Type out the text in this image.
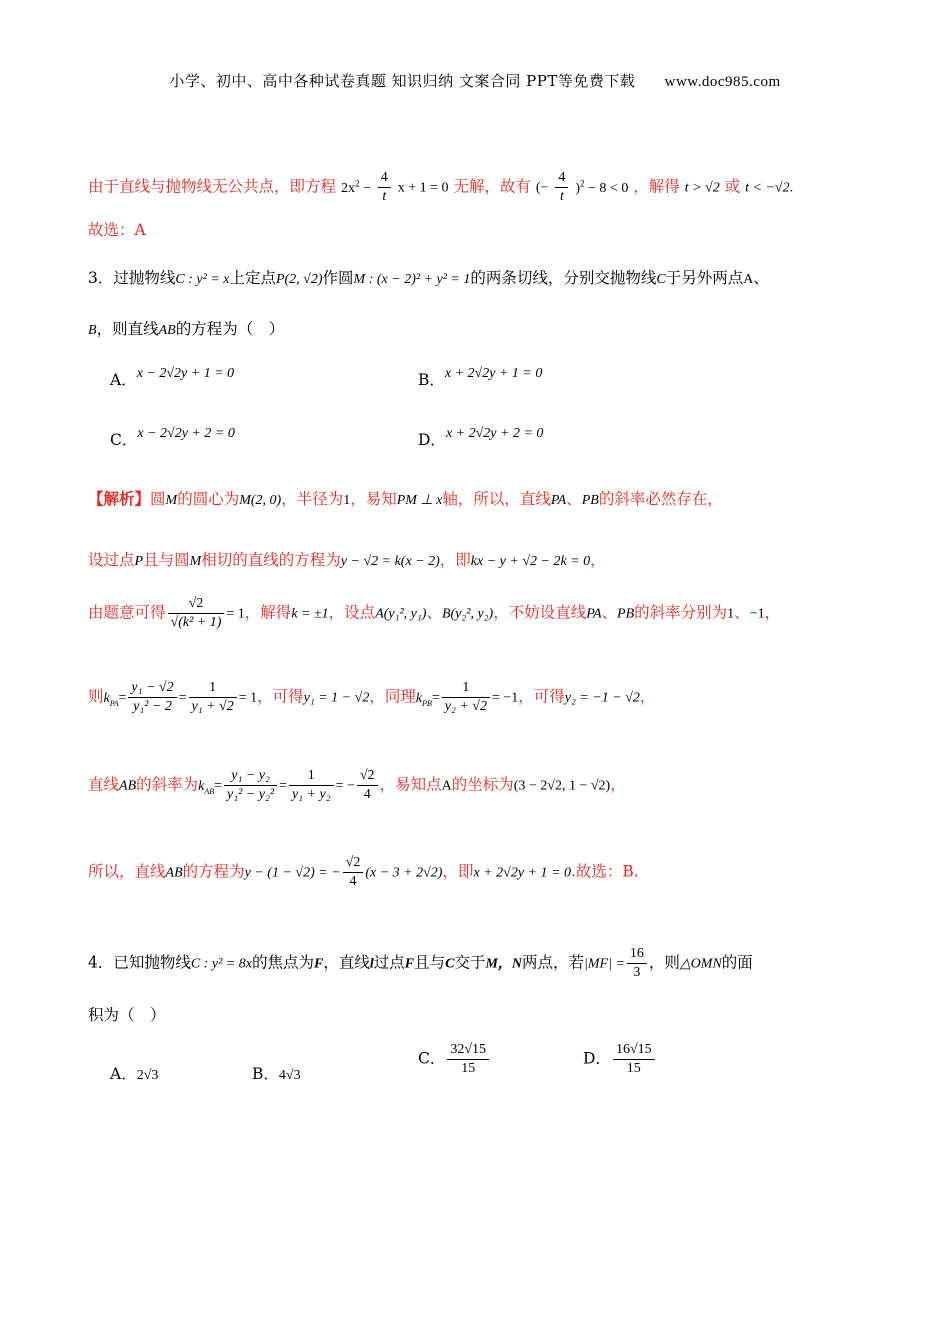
小学、初中、高中各种试卷真题 知识归纳 文案合同 PPT等免费下载 www.doc985.com
由于直线与抛物线无公共点，即方程 $2x^2 - \frac{4}{t}$ x + 1 = 0 无解，故有 (− $\frac{4}{t} )^2 - 8 < 0$ ，解得 t > √2 或 t < −√2.
故选：A
3．过抛物线C : y² = x上定点P(2, √2)作圆M : (x − 2)² + y² = 1的两条切线，分别交抛物线C于另外两点A、
B，则直线AB的方程为（　）
A．x − 2√2y + 1 = 0	B．x + 2√2y + 1 = 0
C．x − 2√2y + 2 = 0	D．x + 2√2y + 2 = 0
【解析】圆M的圆心为M(2, 0)，半径为1，易知PM ⊥ x轴，所以，直线PA、PB的斜率必然存在，
设过点P且与圆M相切的直线的方程为y − √2 = k(x − 2)，即kx − y + √2 − 2k = 0，
由题意可得 $\frac{√2}{\text{√(k² + 1)}} = 1$，解得k = ±1，设点A(y₁², y₁)、B(y₂², y₂)，不妨设直线PA、PB的斜率分别为1、−1，
则$k_{PA}= \frac{\text{y₁ − √2}}{\text{y₁² − 2}} = \frac{1}{\text{y₁ + √2}} = 1$，可得y₁ = 1 − √2，同理$k_{PB}= \frac{1}{\text{y₂ + √2}} = -1$，可得y₂ = −1 − √2，
直线AB的斜率为$k_{AB}= \frac{\text{y₁ − y₂}}{\text{y₁² − y₂²}} = \frac{1}{\text{y₁ + y₂}}$ = − $\frac{√2}{4}$ ，易知点A的坐标为(3 − 2√2, 1 − √2)，
所以，直线AB的方程为y − (1 − √2) = − $\frac{√2}{4} (x - 3 + 2√2)$，即x + 2√2y + 1 = 0.故选：B.
4．已知抛物线C : y² = 8x的焦点为F，直线l过点F且与C交于M，N两点，若$|MF| = \frac{16}{3}$ ，则△OMN的面
积为（　）
A．2√3	B．4√3
C． $\frac{32√15}{15}$	D． $\frac{16√15}{15}$
